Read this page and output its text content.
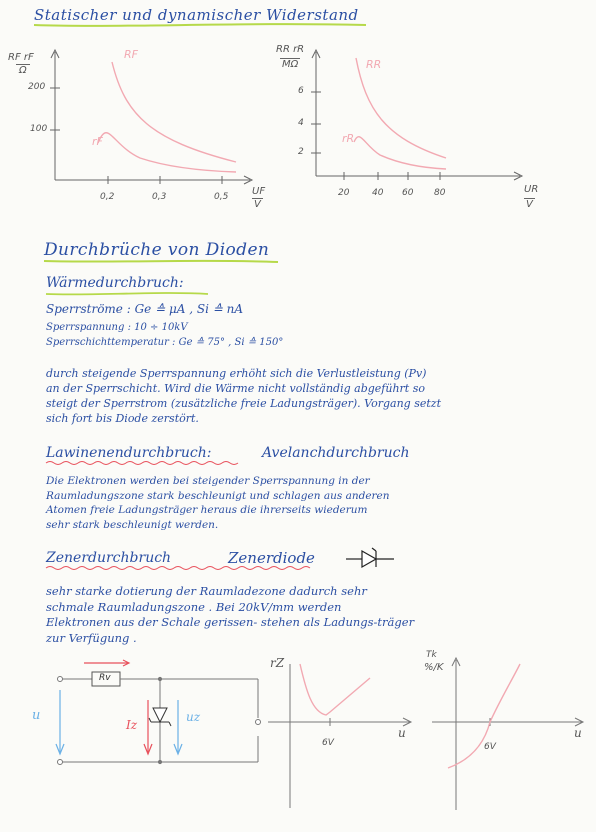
Statischer und dynamischer Widerstand
RF rF
Ω
200
100
0,2	0,3	0,5 UF
V
RF
rF
RR rR
MΩ
6
4
2
20	40 60 80	UR
V
RR
rR
Durchbrüche von Dioden
Wärmedurchbruch:
Sperrströme : Ge ≙ μA , Si ≙ nA
Sperrspannung : 10 ÷ 10kV
Sperrschichttemperatur : Ge ≙ 75° , Si ≙ 150°
durch steigende Sperrspannung erhöht sich die Verlustleistung (Pv)
an der Sperrschicht. Wird die Wärme nicht vollständig abgeführt so
steigt der Sperrstrom (zusätzliche freie Ladungsträger). Vorgang setzt
sich fort bis Diode zerstört.
Lawinenendurchbruch:	Avelanchdurchbruch
Die Elektronen werden bei steigender Sperrspannung in der
Raumladungszone stark beschleunigt und schlagen aus anderen
Atomen freie Ladungsträger heraus die ihrerseits wiederum
sehr stark beschleunigt werden.
Zenerdurchbruch	Zenerdiode
sehr starke dotierung der Raumladezone dadurch sehr
schmale Raumladungszone . Bei 20kV/mm werden
Elektronen aus der Schale gerissen- stehen als Ladungs-träger
zur Verfügung .
Rv
u
Iz
uz
rZ
u
6V
Tk
%/K
u
6V
